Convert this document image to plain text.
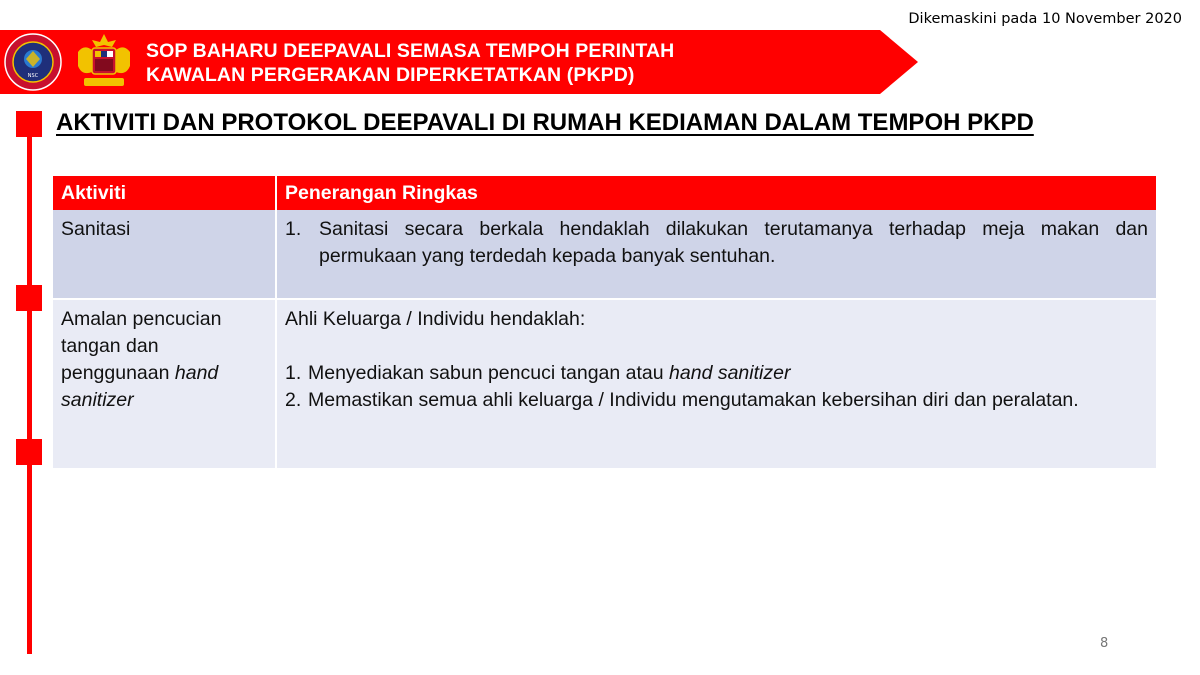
Dikemaskini pada 10 November 2020
NSC
SOP BAHARU DEEPAVALI SEMASA TEMPOH PERINTAH
KAWALAN PERGERAKAN DIPERKETATKAN (PKPD)
AKTIVITI DAN PROTOKOL DEEPAVALI DI RUMAH KEDIAMAN DALAM TEMPOH PKPD
Aktiviti	Penerangan Ringkas
Sanitasi	1. Sanitasi secara berkala hendaklah dilakukan terutamanya terhadap meja makan dan permukaan yang terdedah kepada banyak sentuhan.

Amalan pencucian tangan dan penggunaan hand sanitizer	Ahli Keluarga / Individu hendaklah:
1. Menyediakan sabun pencuci tangan atau hand sanitizer
2. Memastikan semua ahli keluarga / Individu mengutamakan kebersihan diri dan peralatan.
8
